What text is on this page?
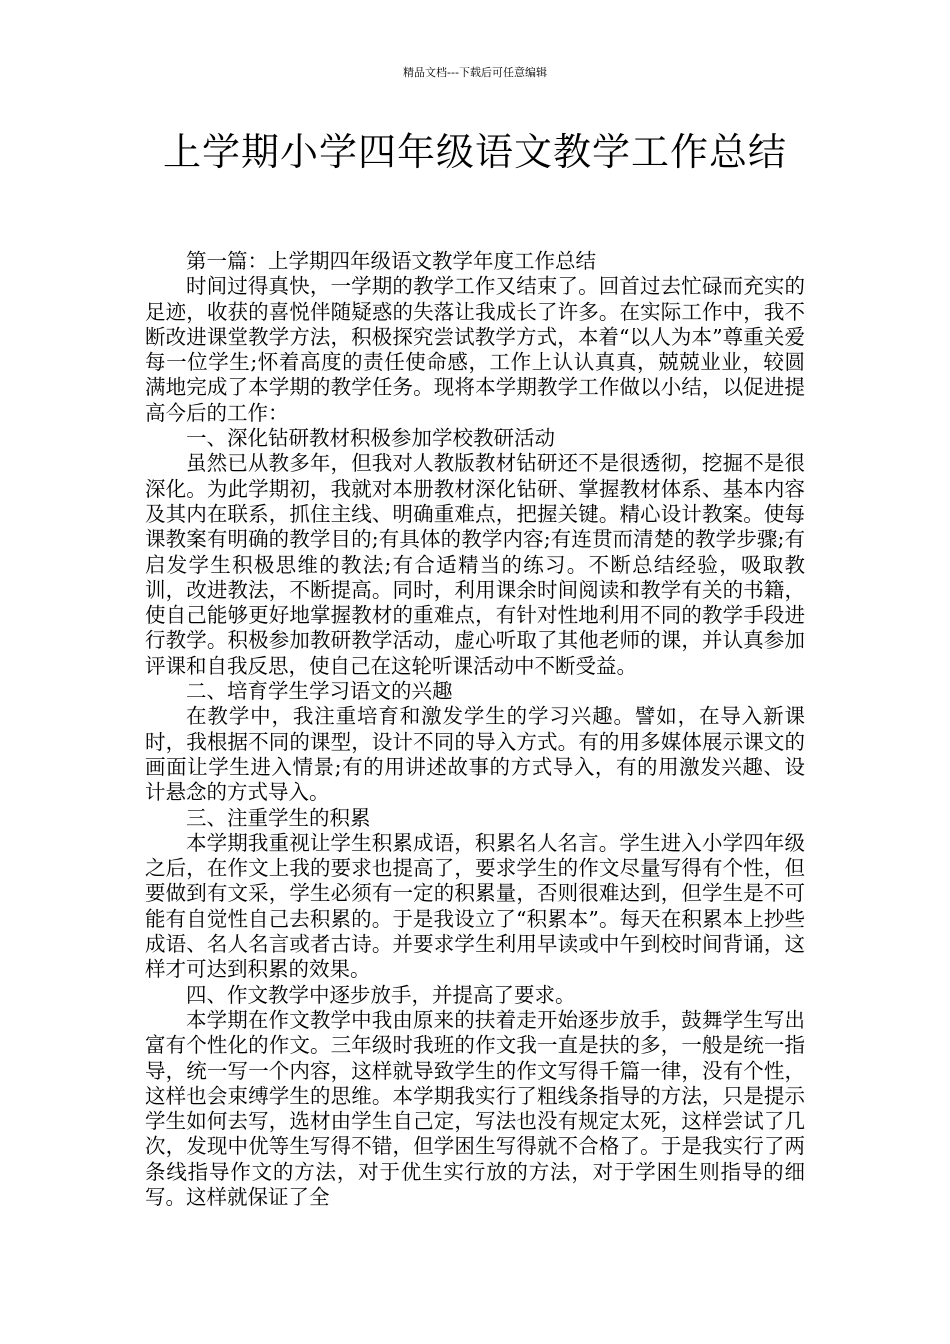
精品文档---下载后可任意编辑
上学期小学四年级语文教学工作总结

第一篇：上学期四年级语文教学年度工作总结

时间过得真快，一学期的教学工作又结束了。回首过去忙碌而充实的足迹，收获的喜悦伴随疑惑的失落让我成长了许多。在实际工作中，我不断改进课堂教学方法，积极探究尝试教学方式，本着“以人为本”尊重关爱每一位学生;怀着高度的责任使命感，工作上认认真真，兢兢业业，较圆满地完成了本学期的教学任务。现将本学期教学工作做以小结，以促进提高今后的工作：

一、深化钻研教材积极参加学校教研活动

虽然已从教多年，但我对人教版教材钻研还不是很透彻，挖掘不是很深化。为此学期初，我就对本册教材深化钻研、掌握教材体系、基本内容及其内在联系，抓住主线、明确重难点，把握关键。精心设计教案。使每课教案有明确的教学目的;有具体的教学内容;有连贯而清楚的教学步骤;有启发学生积极思维的教法;有合适精当的练习。不断总结经验，吸取教训，改进教法，不断提高。同时，利用课余时间阅读和教学有关的书籍，使自己能够更好地掌握教材的重难点，有针对性地利用不同的教学手段进行教学。积极参加教研教学活动，虚心听取了其他老师的课，并认真参加评课和自我反思，使自己在这轮听课活动中不断受益。

二、培育学生学习语文的兴趣

在教学中，我注重培育和激发学生的学习兴趣。譬如，在导入新课时，我根据不同的课型，设计不同的导入方式。有的用多媒体展示课文的画面让学生进入情景;有的用讲述故事的方式导入，有的用激发兴趣、设计悬念的方式导入。

三、注重学生的积累

本学期我重视让学生积累成语，积累名人名言。学生进入小学四年级之后，在作文上我的要求也提高了，要求学生的作文尽量写得有个性，但要做到有文采，学生必须有一定的积累量，否则很难达到，但学生是不可能有自觉性自己去积累的。于是我设立了“积累本”。每天在积累本上抄些成语、名人名言或者古诗。并要求学生利用早读或中午到校时间背诵，这样才可达到积累的效果。

四、作文教学中逐步放手，并提高了要求。

本学期在作文教学中我由原来的扶着走开始逐步放手，鼓舞学生写出富有个性化的作文。三年级时我班的作文我一直是扶的多，一般是统一指导，统一写一个内容，这样就导致学生的作文写得千篇一律，没有个性，这样也会束缚学生的思维。本学期我实行了粗线条指导的方法，只是提示学生如何去写，选材由学生自己定，写法也没有规定太死，这样尝试了几次，发现中优等生写得不错，但学困生写得就不合格了。于是我实行了两条线指导作文的方法，对于优生实行放的方法，对于学困生则指导的细写。这样就保证了全
